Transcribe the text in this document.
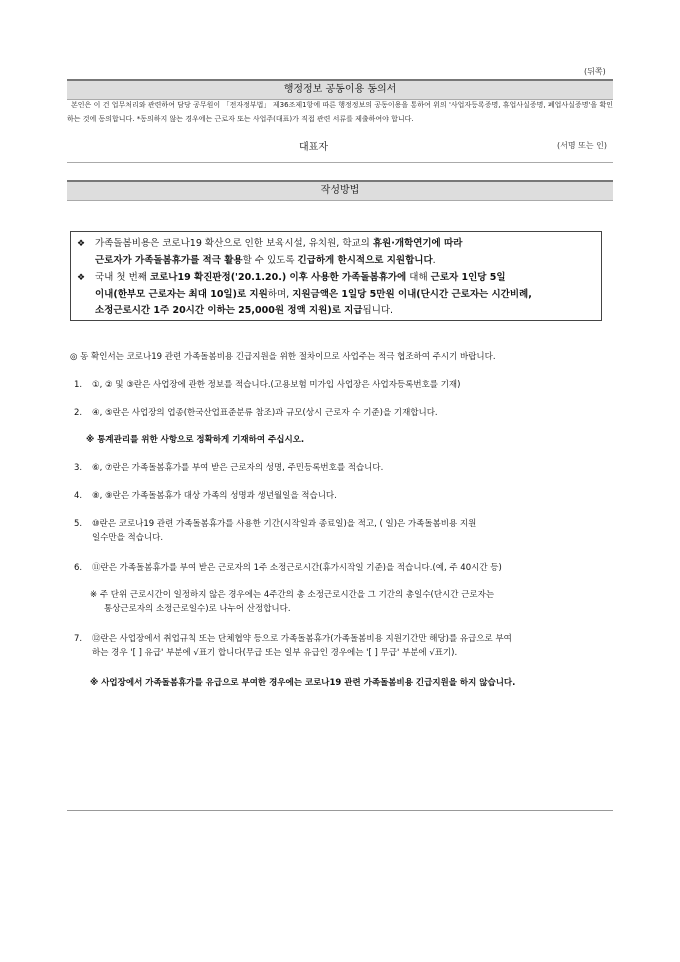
(뒤쪽)
행정정보 공동이용 동의서
본인은 이 건 업무처리와 관련하여 담당 공무원이 「전자정부법」 제36조제1항에 따른 행정정보의 공동이용을 통하여 위의 '사업자등록증명, 휴업사실증명, 폐업사실증명'을 확인하는 것에 동의합니다. *동의하지 않는 경우에는 근로자 또는 사업주(대표)가 직접 관련 서류를 제출하여야 합니다.
대표자	(서명 또는 인)
작성방법
❖ 가족돌봄비용은 코로나19 확산으로 인한 보육시설, 유치원, 학교의 휴원·개학연기에 따라
근로자가 가족돌봄휴가를 적극 활용할 수 있도록 긴급하게 한시적으로 지원합니다.
❖ 국내 첫 번째 코로나19 확진판정('20.1.20.) 이후 사용한 가족돌봄휴가에 대해 근로자 1인당 5일
이내(한부모 근로자는 최대 10일)로 지원하며, 지원금액은 1일당 5만원 이내(단시간 근로자는 시간비례,
소정근로시간 1주 20시간 이하는 25,000원 정액 지원)로 지급됩니다.
◎ 동 확인서는 코로나19 관련 가족돌봄비용 긴급지원을 위한 절차이므로 사업주는 적극 협조하여 주시기 바랍니다.
1. ①, ② 및 ③란은 사업장에 관한 정보를 적습니다.(고용보험 미가입 사업장은 사업자등록번호를 기재)
2. ④, ⑤란은 사업장의 업종(한국산업표준분류 참조)과 규모(상시 근로자 수 기준)을 기재합니다.
※ 통계관리를 위한 사항으로 정확하게 기재하여 주십시오.
3. ⑥, ⑦란은 가족돌봄휴가를 부여 받은 근로자의 성명, 주민등록번호를 적습니다.
4. ⑧, ⑨란은 가족돌봄휴가 대상 가족의 성명과 생년월일을 적습니다.
5. ⑩란은 코로나19 관련 가족돌봄휴가를 사용한 기간(시작일과 종료일)을 적고, ( 일)은 가족돌봄비용 지원
일수만을 적습니다.
6. ⑪란은 가족돌봄휴가를 부여 받은 근로자의 1주 소정근로시간(휴가시작일 기준)을 적습니다.(예, 주 40시간 등)
※ 주 단위 근로시간이 일정하지 않은 경우에는 4주간의 총 소정근로시간을 그 기간의 총일수(단시간 근로자는
통상근로자의 소정근로일수)로 나누어 산정합니다.
7. ⑫란은 사업장에서 취업규칙 또는 단체협약 등으로 가족돌봄휴가(가족돌봄비용 지원기간만 해당)를 유급으로 부여
하는 경우 '[ ] 유급' 부분에 √표기 합니다(무급 또는 일부 유급인 경우에는 '[ ] 무급' 부분에 √표기).
※ 사업장에서 가족돌봄휴가를 유급으로 부여한 경우에는 코로나19 관련 가족돌봄비용 긴급지원을 하지 않습니다.
